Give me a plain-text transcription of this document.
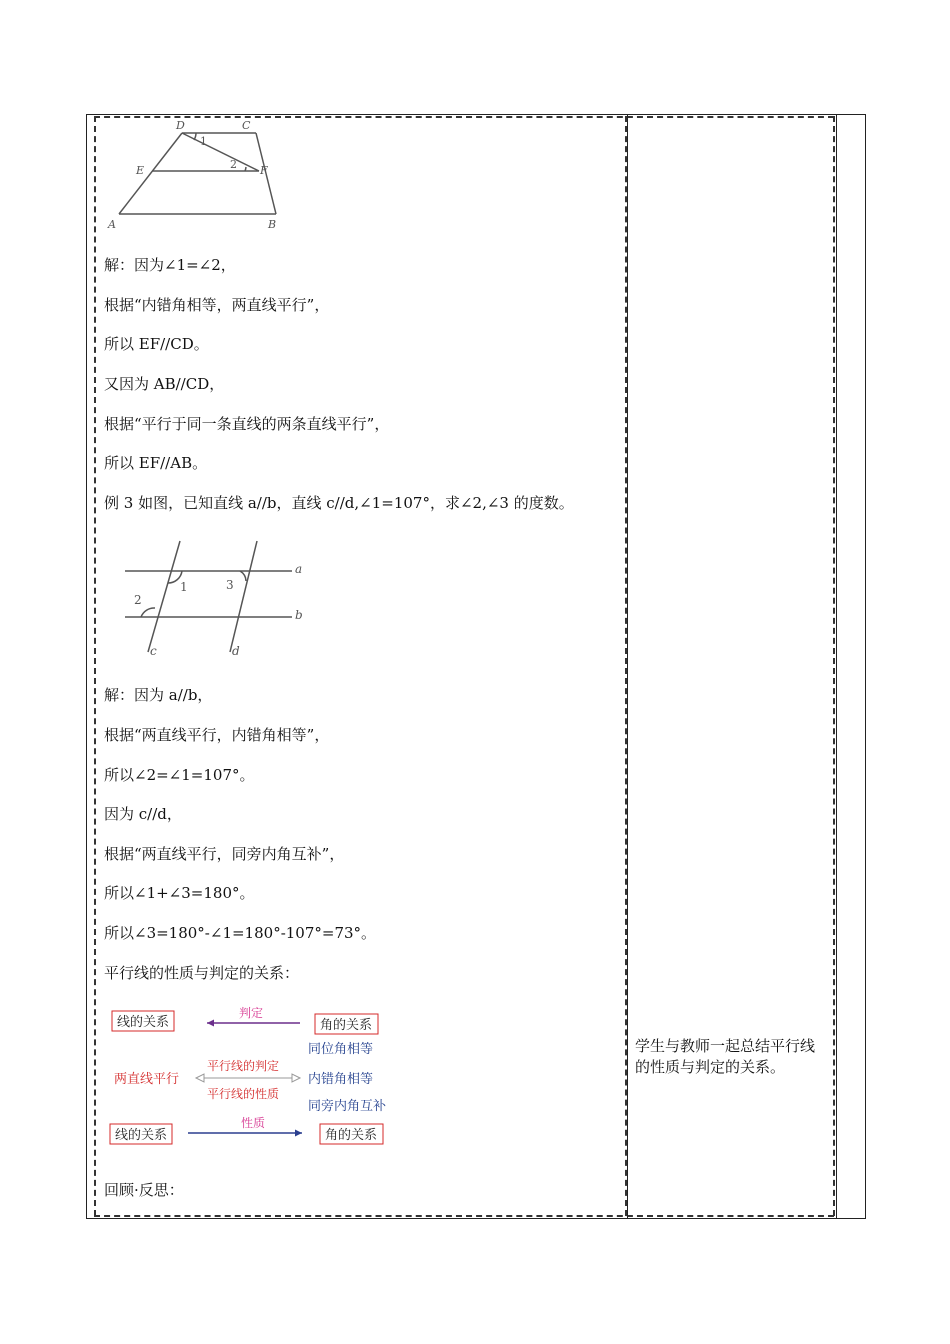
D	C
E	F
A	B
1
2
解：因为∠1=∠2，
根据“内错角相等，两直线平行”，
所以 EF//CD。
又因为 AB//CD，
根据“平行于同一条直线的两条直线平行”，
所以 EF//AB。
例 3 如图，已知直线 a//b，直线 c//d,∠1=107°，求∠2,∠3 的度数。
a
b
c	d
1
2
3
解：因为 a//b，
根据“两直线平行，内错角相等”，
所以∠2=∠1=107°。
因为 c//d，
根据“两直线平行，同旁内角互补”，
所以∠1+∠3=180°。
所以∠3=180°-∠1=180°-107°=73°。
平行线的性质与判定的关系：
线的关系
判定
角的关系
两直线平行
平行线的判定
平行线的性质
同位角相等
内错角相等
同旁内角互补
线的关系
性质
角的关系
回顾·反思：
学生与教师一起总结平行线的性质与判定的关系。
